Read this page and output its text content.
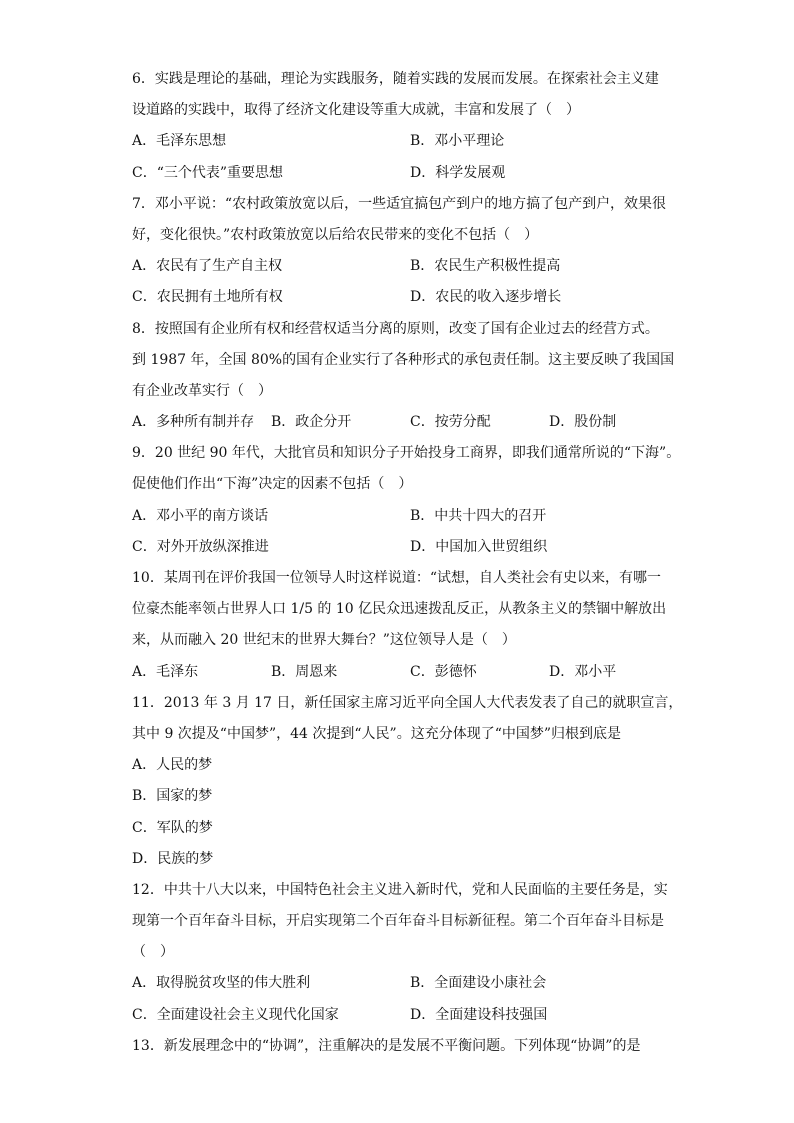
6．实践是理论的基础，理论为实践服务，随着实践的发展而发展。在探索社会主义建
设道路的实践中，取得了经济文化建设等重大成就，丰富和发展了（　）
A．毛泽东思想	B．邓小平理论
C．“三个代表”重要思想	D．科学发展观
7．邓小平说：“农村政策放宽以后，一些适宜搞包产到户的地方搞了包产到户，效果很
好，变化很快。”农村政策放宽以后给农民带来的变化不包括（　）
A．农民有了生产自主权	B．农民生产积极性提高
C．农民拥有土地所有权	D．农民的收入逐步增长
8．按照国有企业所有权和经营权适当分离的原则，改变了国有企业过去的经营方式。
到 1987 年，全国 80%的国有企业实行了各种形式的承包责任制。这主要反映了我国国
有企业改革实行（　）
A．多种所有制并存 B．政企分开	C．按劳分配	D．股份制
9．20 世纪 90 年代，大批官员和知识分子开始投身工商界，即我们通常所说的“下海”。
促使他们作出“下海”决定的因素不包括（　）
A．邓小平的南方谈话	B．中共十四大的召开
C．对外开放纵深推进	D．中国加入世贸组织
10．某周刊在评价我国一位领导人时这样说道：“试想，自人类社会有史以来，有哪一
位豪杰能率领占世界人口 1/5 的 10 亿民众迅速拨乱反正，从教条主义的禁锢中解放出
来，从而融入 20 世纪末的世界大舞台？”这位领导人是（　）
A．毛泽东	B．周恩来	C．彭德怀	D．邓小平
11．2013 年 3 月 17 日，新任国家主席习近平向全国人大代表发表了自己的就职宣言，
其中 9 次提及“中国梦”，44 次提到“人民”。这充分体现了“中国梦”归根到底是
A．人民的梦
B．国家的梦
C．军队的梦
D．民族的梦
12．中共十八大以来，中国特色社会主义进入新时代，党和人民面临的主要任务是，实
现第一个百年奋斗目标，开启实现第二个百年奋斗目标新征程。第二个百年奋斗目标是
（　）
A．取得脱贫攻坚的伟大胜利	B．全面建设小康社会
C．全面建设社会主义现代化国家	D．全面建设科技强国
13．新发展理念中的“协调”，注重解决的是发展不平衡问题。下列体现“协调”的是
